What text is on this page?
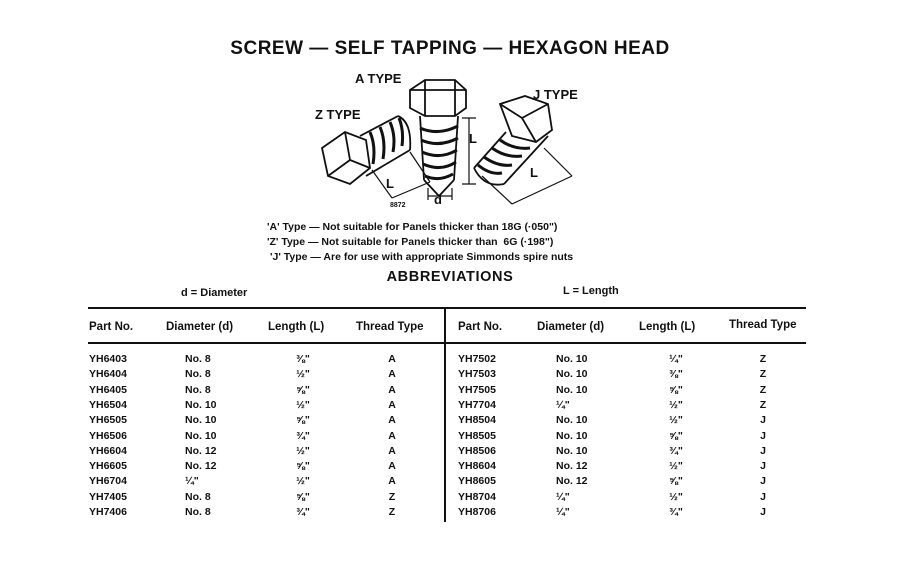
SCREW — SELF TAPPING — HEXAGON HEAD
A TYPE
Z TYPE
J TYPE
L
L
L
d
8872
'A' Type — Not suitable for Panels thicker than 18G (·050")
'Z' Type — Not suitable for Panels thicker than  6G (·198")
'J' Type — Are for use with appropriate Simmonds spire nuts
ABBREVIATIONS
d = Diameter	L = Length
Part No.	Diameter (d)	Length (L)	Thread Type	Part No.	Diameter (d)	Length (L)	Thread Type
YH6403	No. 8	⅜"	A
YH6404	No. 8	½"	A
YH6405	No. 8	⅝"	A
YH6504	No. 10	½"	A
YH6505	No. 10	⅝"	A
YH6506	No. 10	¾"	A
YH6604	No. 12	½"	A
YH6605	No. 12	⅝"	A
YH6704	¼"	½"	A
YH7405	No. 8	⅝"	Z
YH7406	No. 8	¾"	Z
YH7502	No. 10	¼"	Z
YH7503	No. 10	⅜"	Z
YH7505	No. 10	⅝"	Z
YH7704	¼"	½"	Z
YH8504	No. 10	½"	J
YH8505	No. 10	⅝"	J
YH8506	No. 10	¾"	J
YH8604	No. 12	½"	J
YH8605	No. 12	⅝"	J
YH8704	¼"	½"	J
YH8706	¼"	¾"	J
